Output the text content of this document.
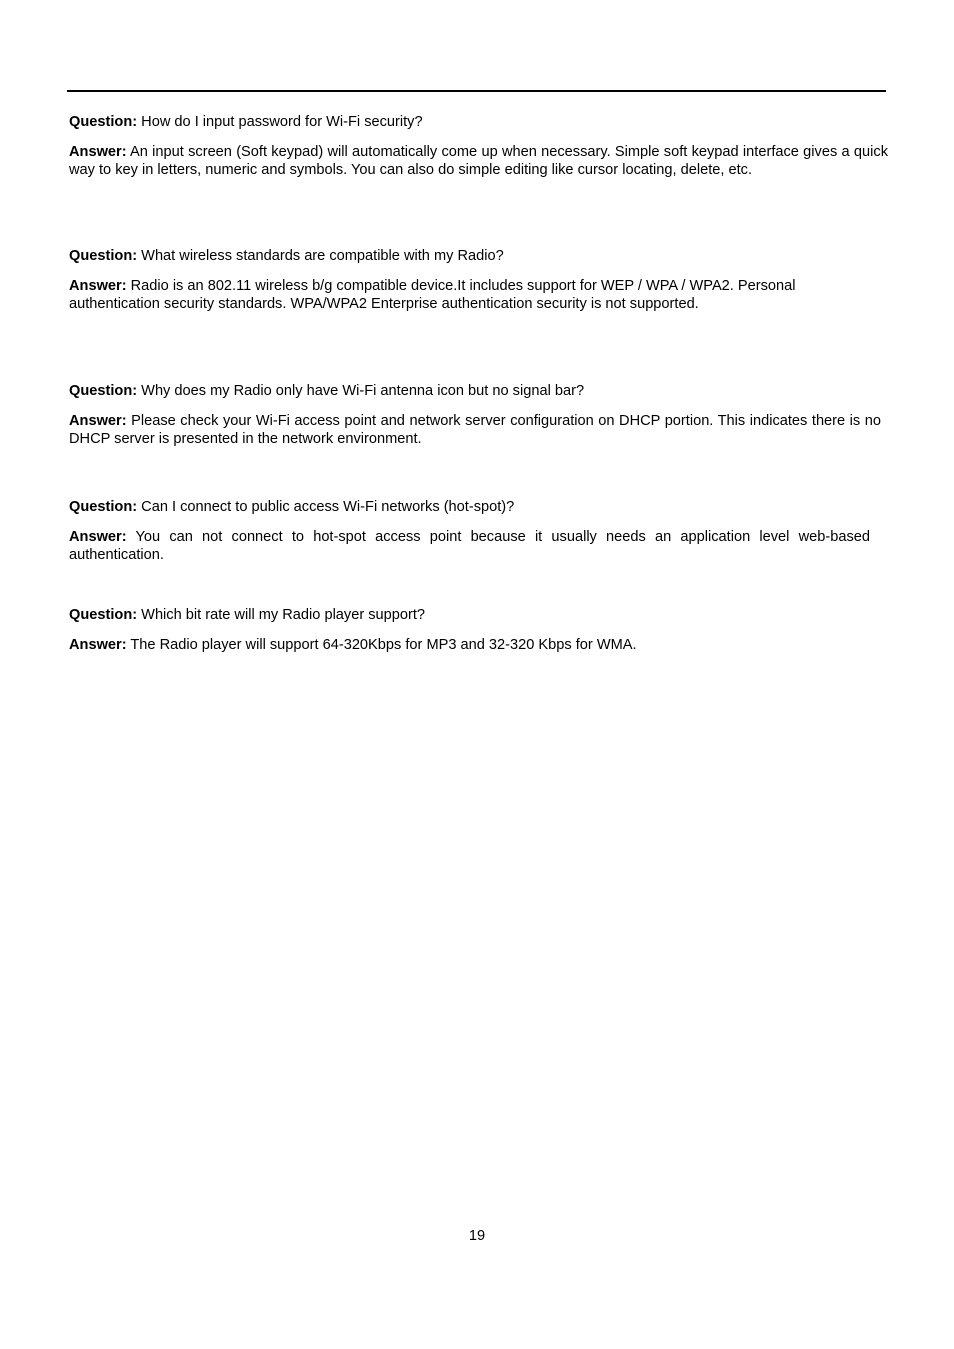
Question: How do I input password for Wi-Fi security?

Answer: An input screen (Soft keypad) will automatically come up when necessary. Simple soft keypad interface gives a quick way to key in letters, numeric and symbols. You can also do simple editing like cursor locating, delete, etc.

Question: What wireless standards are compatible with my Radio?

Answer: Radio is an 802.11 wireless b/g compatible device.It includes support for WEP / WPA / WPA2. Personal authentication security standards. WPA/WPA2 Enterprise authentication security is not supported.

Question: Why does my Radio only have Wi-Fi antenna icon but no signal bar?

Answer: Please check your Wi-Fi access point and network server configuration on DHCP portion. This indicates there is no DHCP server is presented in the network environment.

Question: Can I connect to public access Wi-Fi networks (hot-spot)?

Answer: You can not connect to hot-spot access point because it usually needs an application level web-based authentication.

Question: Which bit rate will my Radio player support?

Answer: The Radio player will support 64-320Kbps for MP3 and 32-320 Kbps for WMA.

19
